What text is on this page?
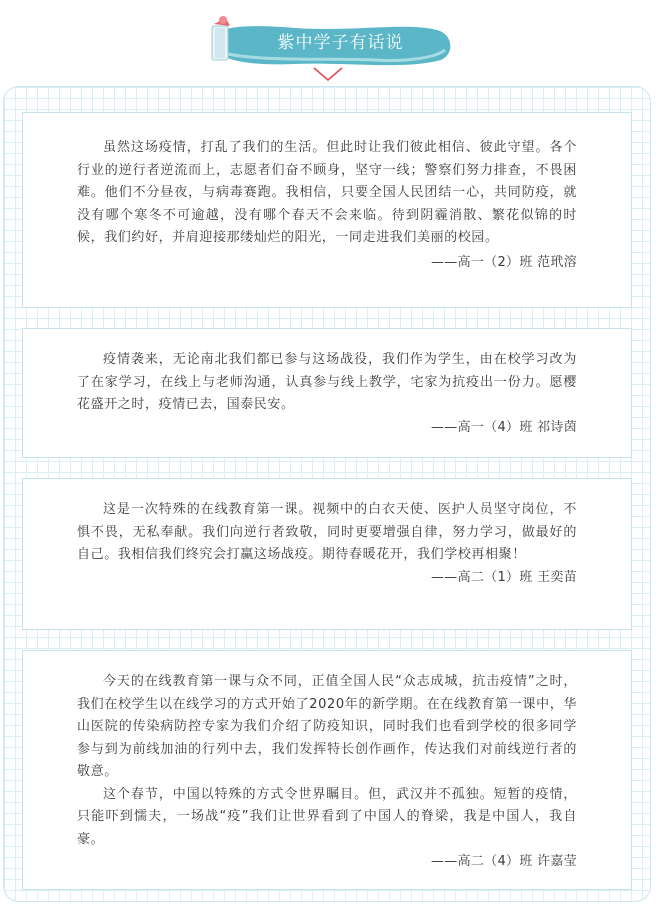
紫中学子有话说

虽然这场疫情，打乱了我们的生活。但此时让我们彼此相信、彼此守望。各个行业的逆行者逆流而上，志愿者们奋不顾身，坚守一线；警察们努力排查，不畏困难。他们不分昼夜，与病毒赛跑。我相信，只要全国人民团结一心，共同防疫，就没有哪个寒冬不可逾越，没有哪个春天不会来临。待到阴霾消散、繁花似锦的时候，我们约好，并肩迎接那缕灿烂的阳光，一同走进我们美丽的校园。

——高一（2）班 范玳溶

疫情袭来，无论南北我们都已参与这场战役，我们作为学生，由在校学习改为了在家学习，在线上与老师沟通，认真参与线上教学，宅家为抗疫出一份力。愿樱花盛开之时，疫情已去，国泰民安。

——高一（4）班 祁诗茵

这是一次特殊的在线教育第一课。视频中的白衣天使、医护人员坚守岗位，不惧不畏，无私奉献。我们向逆行者致敬，同时更要增强自律，努力学习，做最好的自己。我相信我们终究会打赢这场战疫。期待春暖花开，我们学校再相聚！

——高二（1）班 王奕苗

今天的在线教育第一课与众不同，正值全国人民“众志成城，抗击疫情”之时，我们在校学生以在线学习的方式开始了2020年的新学期。在在线教育第一课中，华山医院的传染病防控专家为我们介绍了防疫知识，同时我们也看到学校的很多同学参与到为前线加油的行列中去，我们发挥特长创作画作，传达我们对前线逆行者的敬意。

这个春节，中国以特殊的方式令世界瞩目。但，武汉并不孤独。短暂的疫情，只能吓到懦夫，一场战“疫”我们让世界看到了中国人的脊梁，我是中国人，我自豪。

——高二（4）班 许嘉莹
